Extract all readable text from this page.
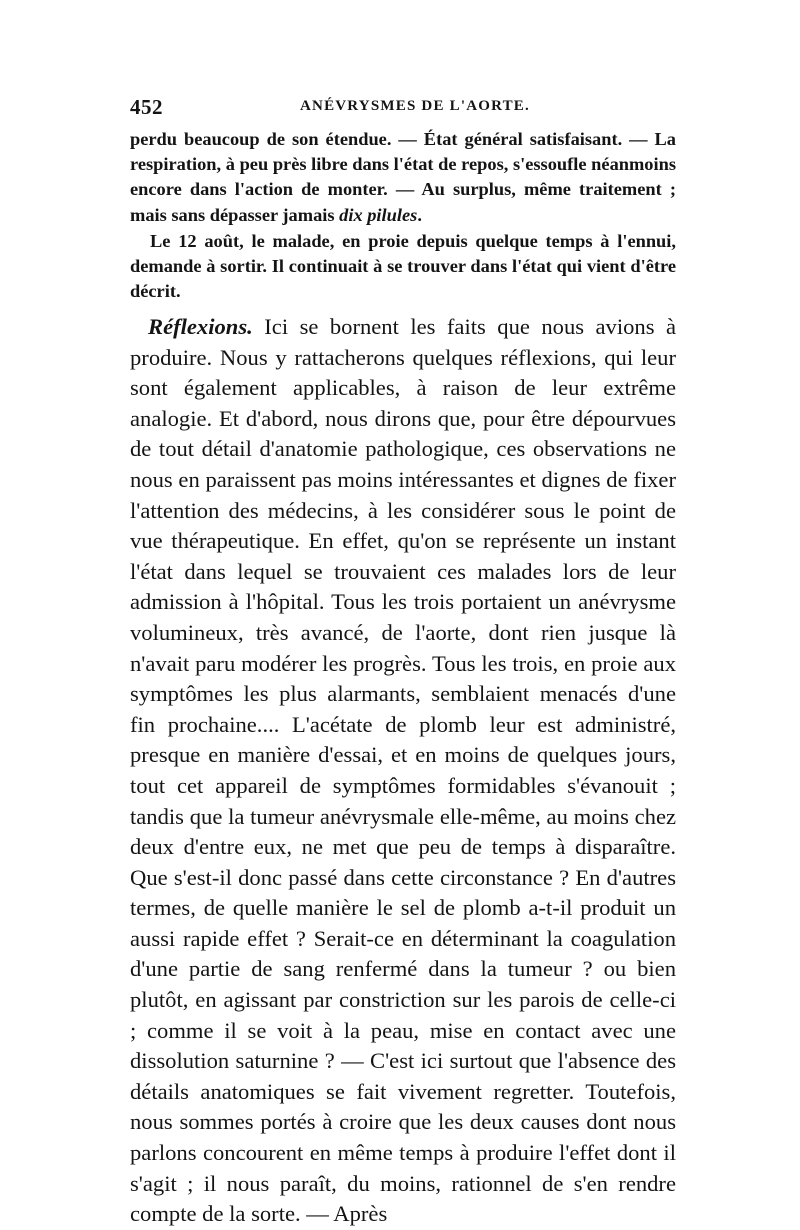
452	ANÉVRYSMES DE L'AORTE.

perdu beaucoup de son étendue. — État général satisfaisant. — La respiration, à peu près libre dans l'état de repos, s'essoufle néanmoins encore dans l'action de monter. — Au surplus, même traitement ; mais sans dépasser jamais dix pilules.

Le 12 août, le malade, en proie depuis quelque temps à l'ennui, demande à sortir. Il continuait à se trouver dans l'état qui vient d'être décrit.

Réflexions. Ici se bornent les faits que nous avions à produire. Nous y rattacherons quelques réflexions, qui leur sont également applicables, à raison de leur extrême analogie. Et d'abord, nous dirons que, pour être dépourvues de tout détail d'anatomie pathologique, ces observations ne nous en paraissent pas moins intéressantes et dignes de fixer l'attention des médecins, à les considérer sous le point de vue thérapeutique. En effet, qu'on se représente un instant l'état dans lequel se trouvaient ces malades lors de leur admission à l'hôpital. Tous les trois portaient un anévrysme volumineux, très avancé, de l'aorte, dont rien jusque là n'avait paru modérer les progrès. Tous les trois, en proie aux symptômes les plus alarmants, semblaient menacés d'une fin prochaine.... L'acétate de plomb leur est administré, presque en manière d'essai, et en moins de quelques jours, tout cet appareil de symptômes formidables s'évanouit ; tandis que la tumeur anévrysmale elle-même, au moins chez deux d'entre eux, ne met que peu de temps à disparaître. Que s'est-il donc passé dans cette circonstance ? En d'autres termes, de quelle manière le sel de plomb a-t-il produit un aussi rapide effet ? Serait-ce en déterminant la coagulation d'une partie de sang renfermé dans la tumeur ? ou bien plutôt, en agissant par constriction sur les parois de celle-ci ; comme il se voit à la peau, mise en contact avec une dissolution saturnine ? — C'est ici surtout que l'absence des détails anatomiques se fait vivement regretter. Toutefois, nous sommes portés à croire que les deux causes dont nous parlons concourent en même temps à produire l'effet dont il s'agit ; il nous paraît, du moins, rationnel de s'en rendre compte de la sorte. — Après
